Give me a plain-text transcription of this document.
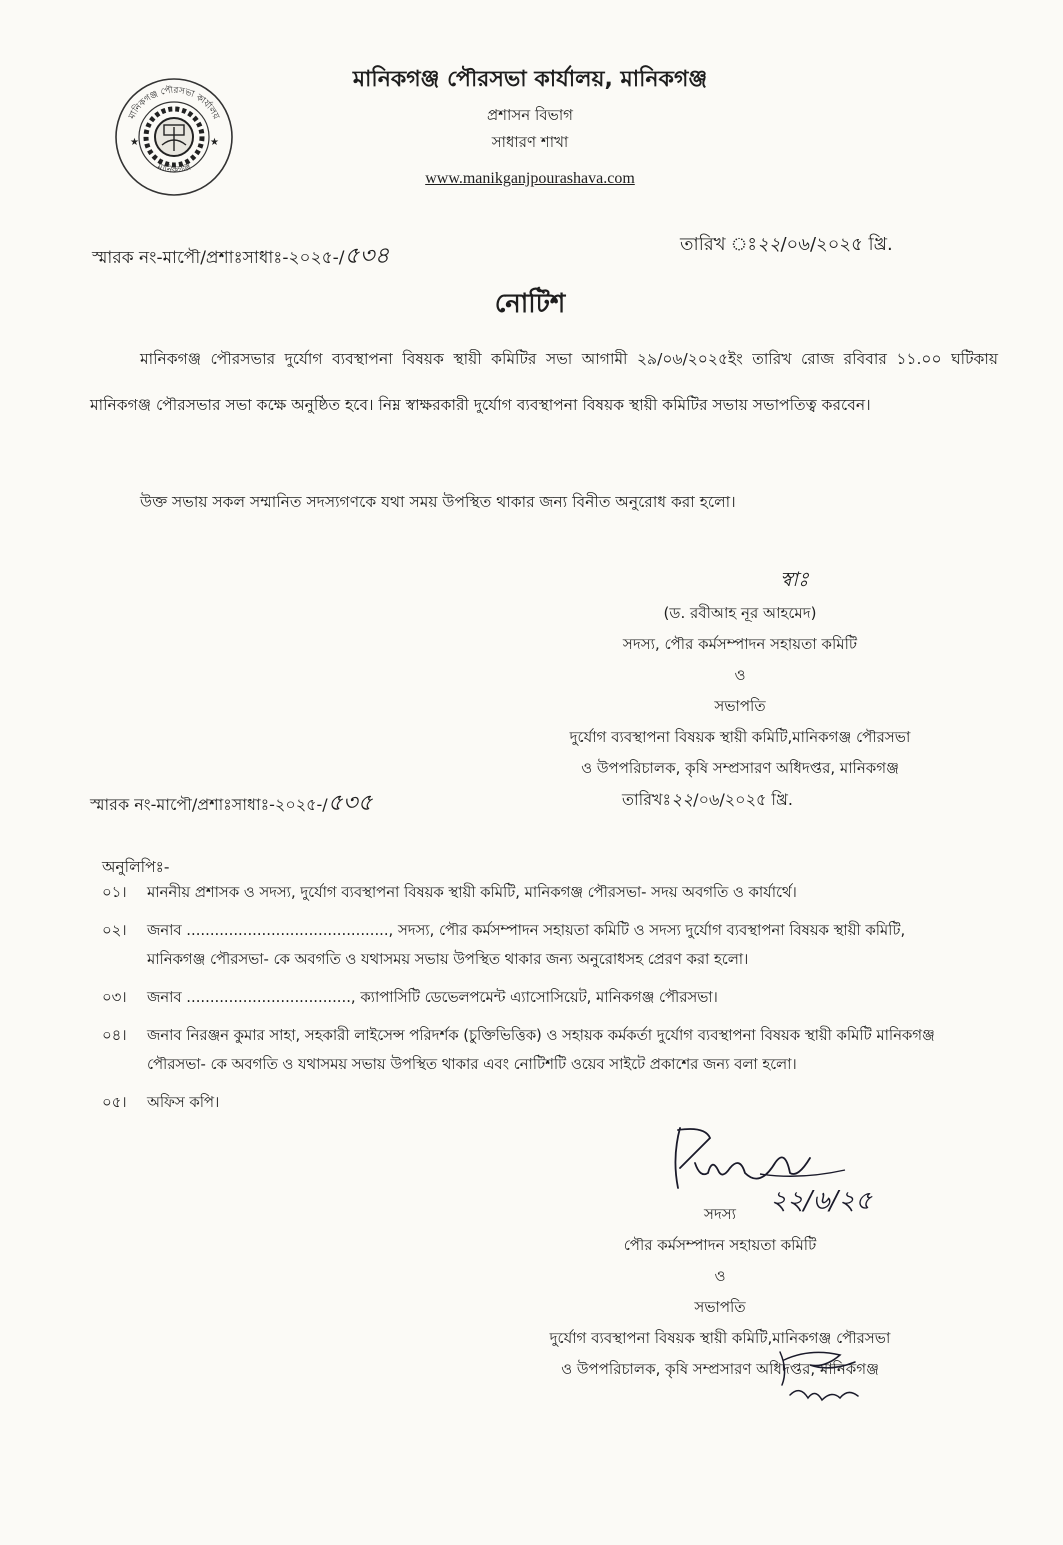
★	★
মানিকগঞ্জ পৌরসভা কার্যালয়
মানিকগঞ্জ
মানিকগঞ্জ পৌরসভা কার্যালয়, মানিকগঞ্জ
প্রশাসন বিভাগ
সাধারণ শাখা
www.manikganjpourashava.com
স্মারক নং-মাপৌ/প্রশাঃসাধাঃ-২০২৫-/৫৩৪	তারিখ ঃ২২/০৬/২০২৫ খ্রি.
নোটিশ
মানিকগঞ্জ পৌরসভার দুর্যোগ ব্যবস্থাপনা বিষয়ক স্থায়ী কমিটির সভা আগামী ২৯/০৬/২০২৫ইং তারিখ রোজ রবিবার ১১.০০ ঘটিকায় মানিকগঞ্জ পৌরসভার সভা কক্ষে অনুষ্ঠিত হবে। নিম্ন স্বাক্ষরকারী দুর্যোগ ব্যবস্থাপনা বিষয়ক স্থায়ী কমিটির সভায় সভাপতিত্ব করবেন।
উক্ত সভায় সকল সম্মানিত সদস্যগণকে যথা সময় উপস্থিত থাকার জন্য বিনীত অনুরোধ করা হলো।
স্বাঃ
(ড. রবীআহ নূর আহমেদ)
সদস্য, পৌর কর্মসম্পাদন সহায়তা কমিটি
ও
সভাপতি
দুর্যোগ ব্যবস্থাপনা বিষয়ক স্থায়ী কমিটি,মানিকগঞ্জ পৌরসভা
ও উপপরিচালক, কৃষি সম্প্রসারণ অধিদপ্তর, মানিকগঞ্জ
স্মারক নং-মাপৌ/প্রশাঃসাধাঃ-২০২৫-/৫৩৫	তারিখঃ২২/০৬/২০২৫ খ্রি.
অনুলিপিঃ-
০১।	মাননীয় প্রশাসক ও সদস্য, দুর্যোগ ব্যবস্থাপনা বিষয়ক স্থায়ী কমিটি, মানিকগঞ্জ পৌরসভা- সদয় অবগতি ও কার্যার্থে।
০২।	জনাব ..........................................., সদস্য, পৌর কর্মসম্পাদন সহায়তা কমিটি ও সদস্য দুর্যোগ ব্যবস্থাপনা বিষয়ক স্থায়ী কমিটি, মানিকগঞ্জ পৌরসভা- কে অবগতি ও যথাসময় সভায় উপস্থিত থাকার জন্য অনুরোধসহ প্রেরণ করা হলো।
০৩।	জনাব ..................................., ক্যাপাসিটি ডেভেলপমেন্ট এ্যাসোসিয়েট, মানিকগঞ্জ পৌরসভা।
০৪।	জনাব নিরঞ্জন কুমার সাহা, সহকারী লাইসেন্স পরিদর্শক (চুক্তিভিত্তিক) ও সহায়ক কর্মকর্তা দুর্যোগ ব্যবস্থাপনা বিষয়ক স্থায়ী কমিটি মানিকগঞ্জ পৌরসভা- কে অবগতি ও যথাসময় সভায় উপস্থিত থাকার এবং নোটিশটি ওয়েব সাইটে প্রকাশের জন্য বলা হলো।
০৫।	অফিস কপি।
২২/৬/২৫
সদস্য
পৌর কর্মসম্পাদন সহায়তা কমিটি
ও
সভাপতি
দুর্যোগ ব্যবস্থাপনা বিষয়ক স্থায়ী কমিটি,মানিকগঞ্জ পৌরসভা
ও উপপরিচালক, কৃষি সম্প্রসারণ অধিদপ্তর, মানিকগঞ্জ
